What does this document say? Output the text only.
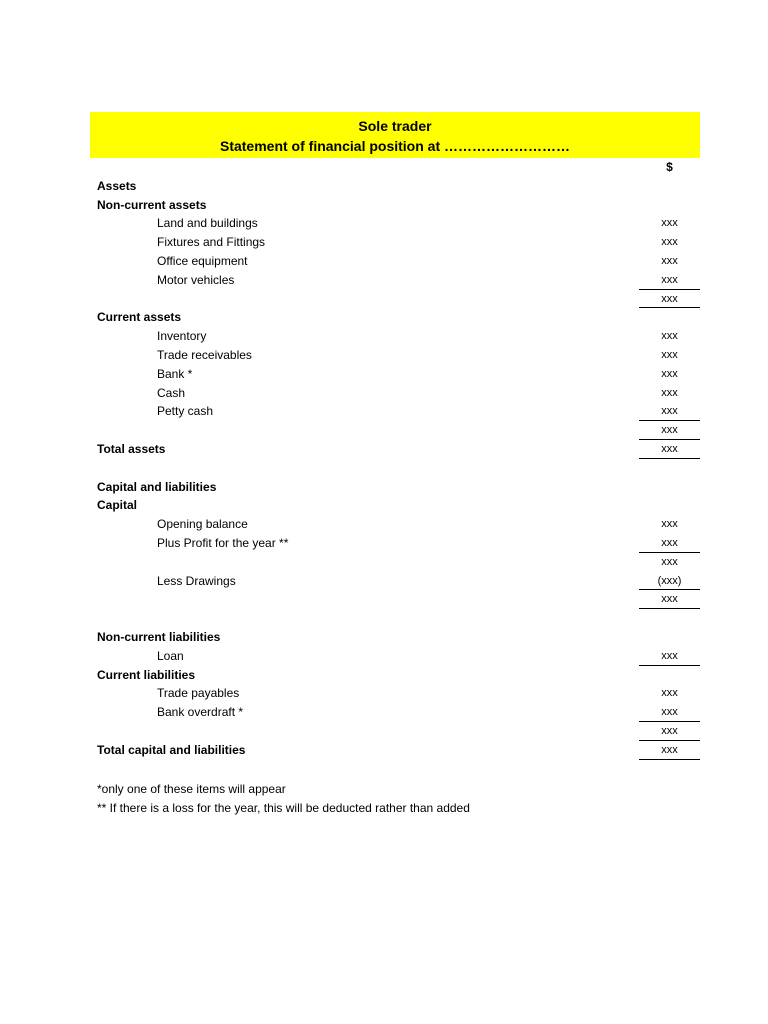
Sole trader
Statement of financial position at ………………………
$
Assets
Non-current assets
Land and buildings	xxx
Fixtures and Fittings	xxx
Office equipment	xxx
Motor vehicles	xxx
xxx
Current assets
Inventory	xxx
Trade receivables	xxx
Bank *	xxx
Cash	xxx
Petty cash	xxx
xxx
Total assets	xxx
Capital and liabilities
Capital
Opening balance	xxx
Plus Profit for the year **	xxx
xxx
Less Drawings	(xxx)
xxx
Non-current liabilities
Loan	xxx
Current liabilities
Trade payables	xxx
Bank overdraft *	xxx
xxx
Total capital and liabilities	xxx
*only one of these items will appear
** If there is a loss for the year, this will be deducted rather than added
